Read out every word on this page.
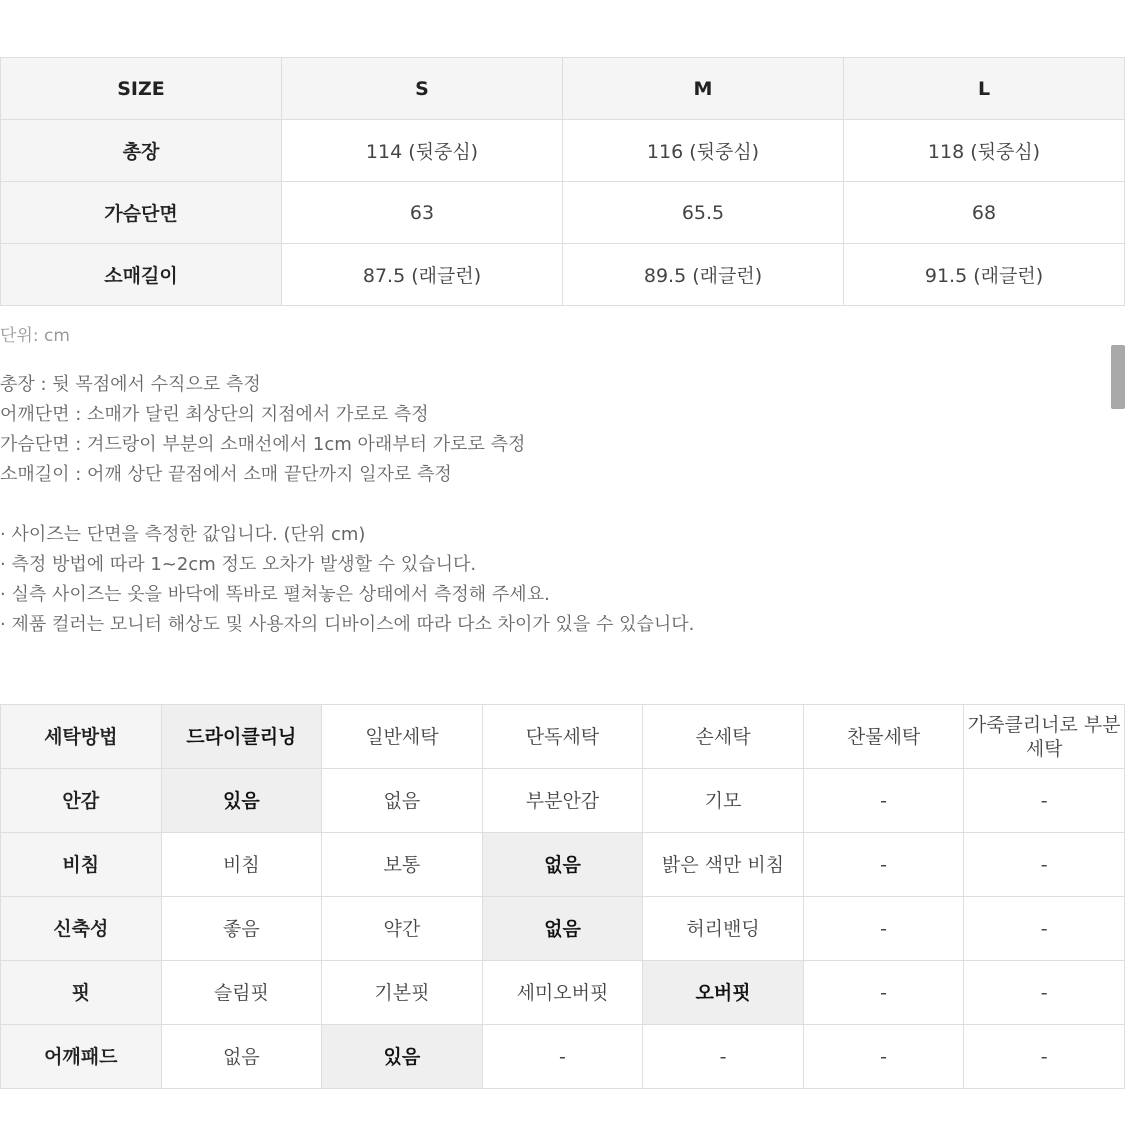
SIZE	S	M	L
총장	114 (뒷중심)	116 (뒷중심)	118 (뒷중심)
가슴단면	63	65.5	68
소매길이	87.5 (래글런)	89.5 (래글런)	91.5 (래글런)
단위: cm
총장 : 뒷 목점에서 수직으로 측정
어깨단면 : 소매가 달린 최상단의 지점에서 가로로 측정
가슴단면 : 겨드랑이 부분의 소매선에서 1cm 아래부터 가로로 측정
소매길이 : 어깨 상단 끝점에서 소매 끝단까지 일자로 측정
· 사이즈는 단면을 측정한 값입니다. (단위 cm)
· 측정 방법에 따라 1~2cm 정도 오차가 발생할 수 있습니다.
· 실측 사이즈는 옷을 바닥에 똑바로 펼쳐놓은 상태에서 측정해 주세요.
· 제품 컬러는 모니터 해상도 및 사용자의 디바이스에 따라 다소 차이가 있을 수 있습니다.
세탁방법	드라이클리닝	일반세탁	단독세탁	손세탁	찬물세탁	가죽클리너로 부분세탁
안감	있음	없음	부분안감	기모	-	-
비침	비침	보통	없음	밝은 색만 비침	-	-
신축성	좋음	약간	없음	허리밴딩	-	-
핏	슬림핏	기본핏	세미오버핏	오버핏	-	-
어깨패드	없음	있음	-	-	-	-
